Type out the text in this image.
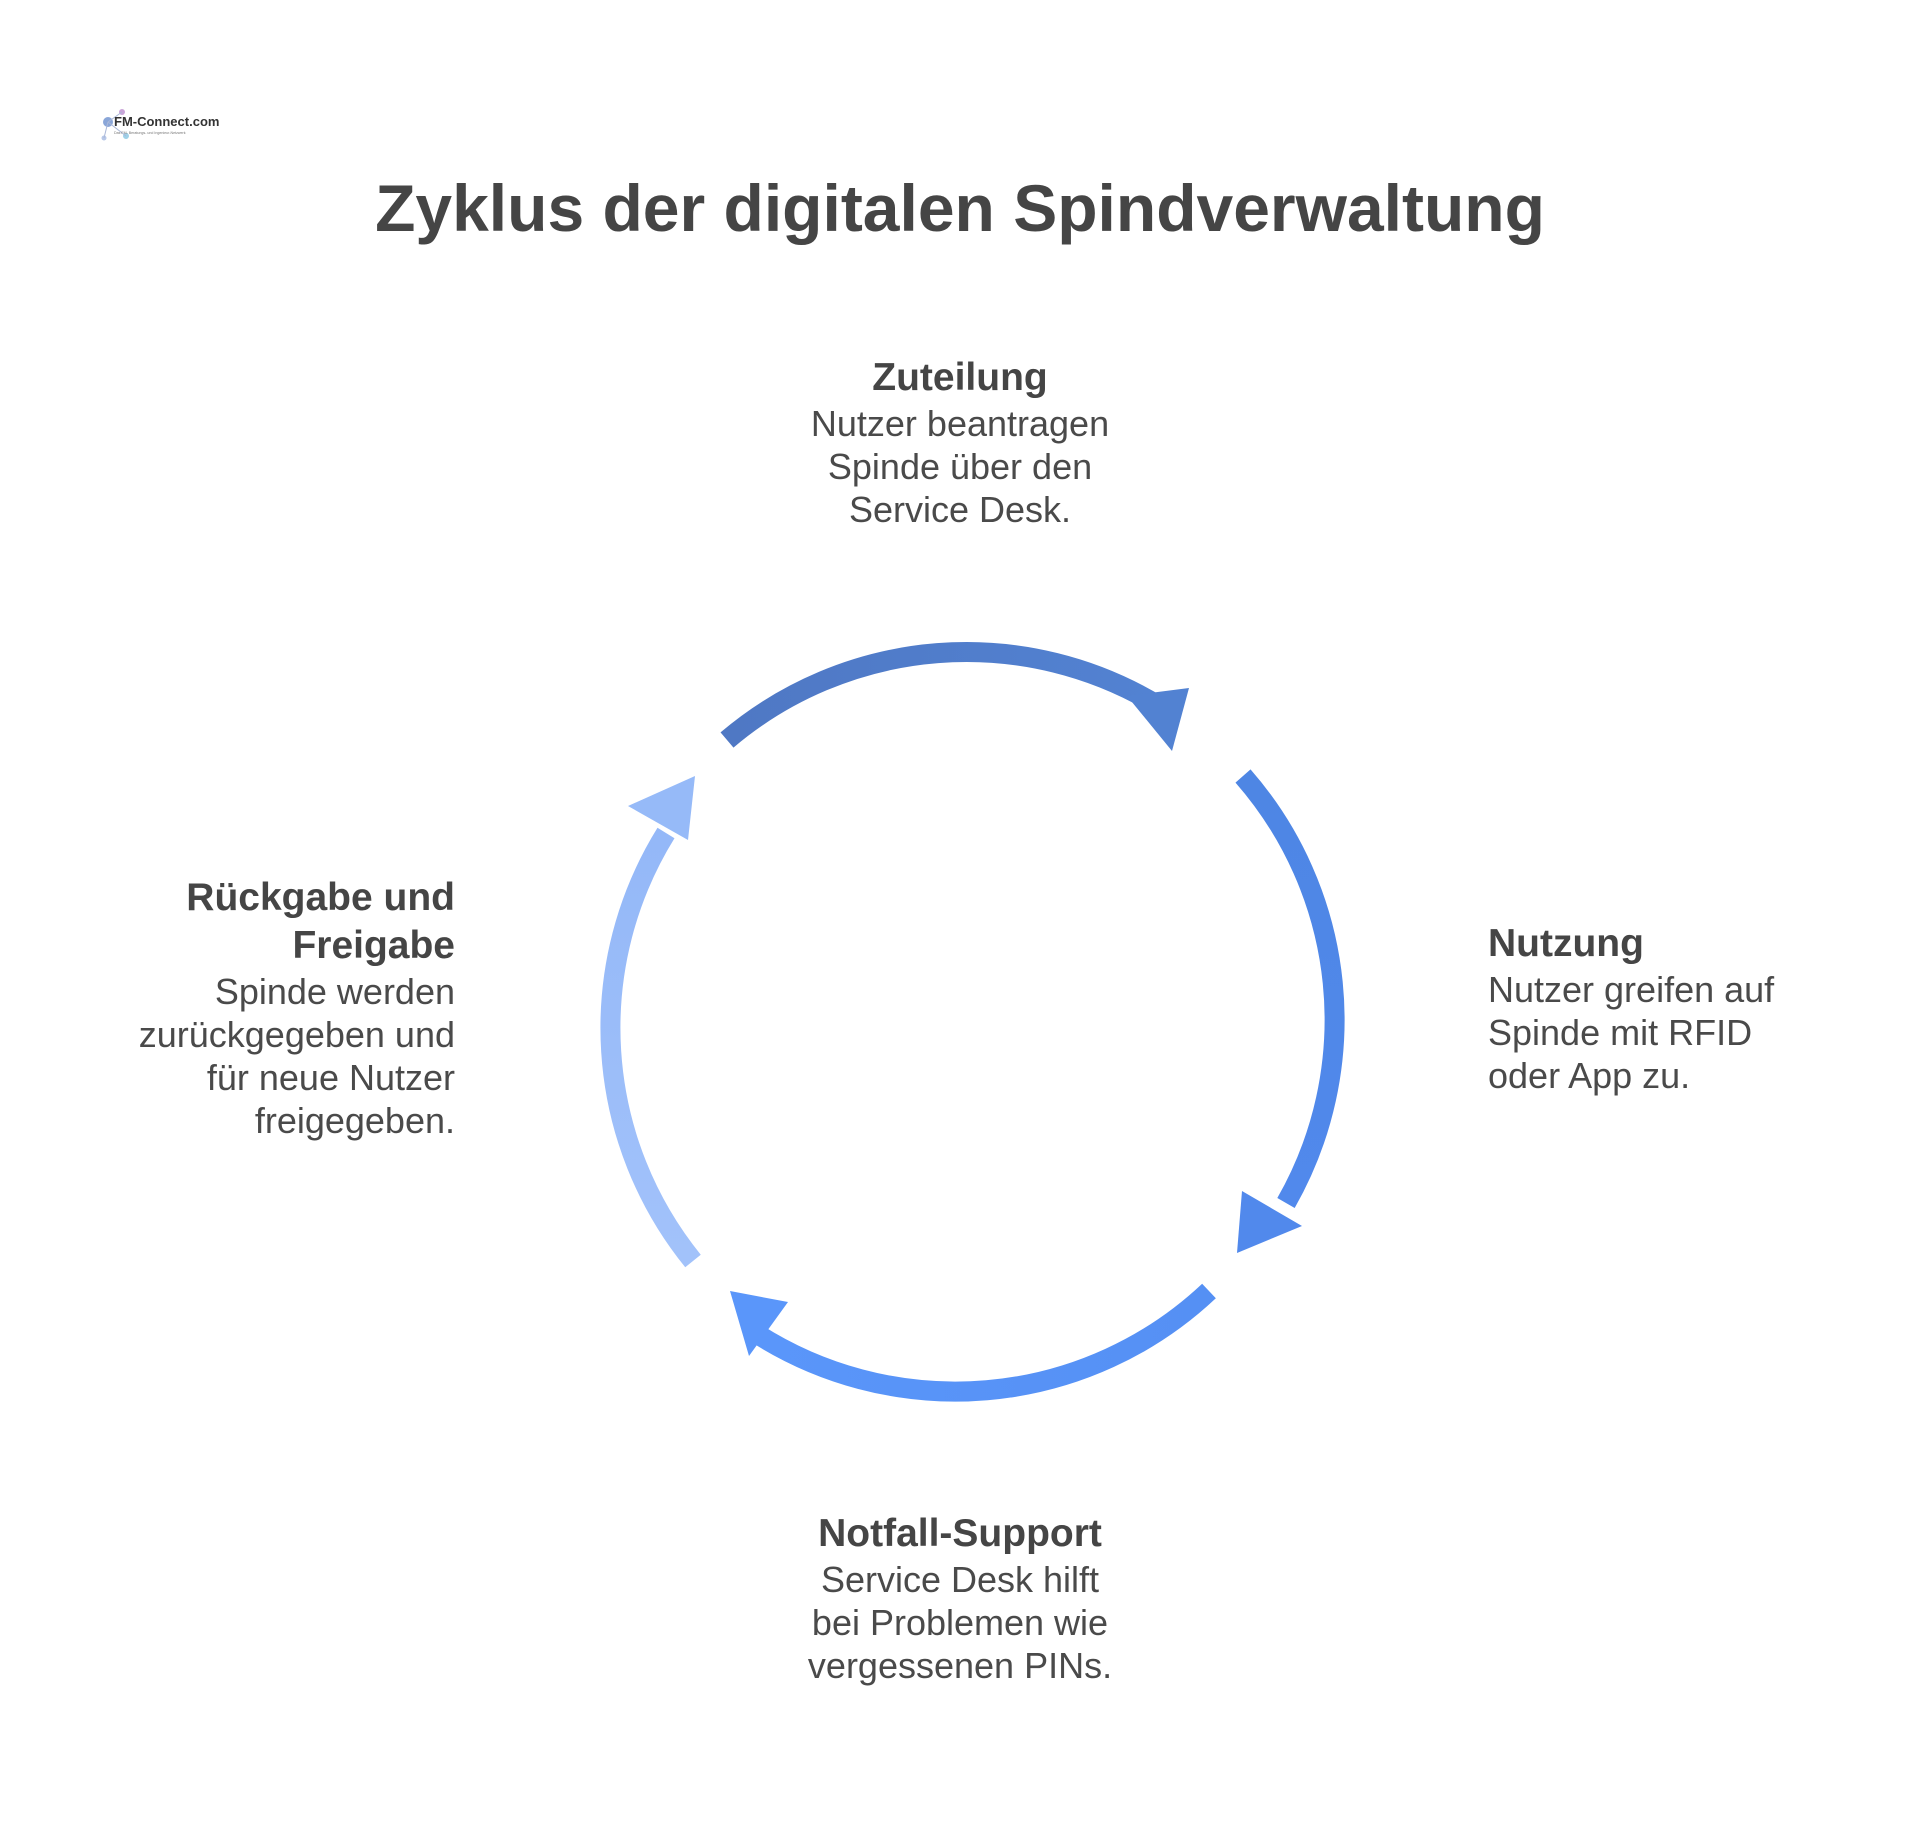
FM-Connect.com
Das FM- Beratungs- und Ingenieur-Netzwerk
Zyklus der digitalen Spindverwaltung
Zuteilung

Nutzer beantragen
Spinde über den
Service Desk.

Nutzung

Nutzer greifen auf
Spinde mit RFID
oder App zu.

Notfall-Support

Service Desk hilft
bei Problemen wie
vergessenen PINs.

Rückgabe und Freigabe

Spinde werden
zurückgegeben und
für neue Nutzer
freigegeben.
